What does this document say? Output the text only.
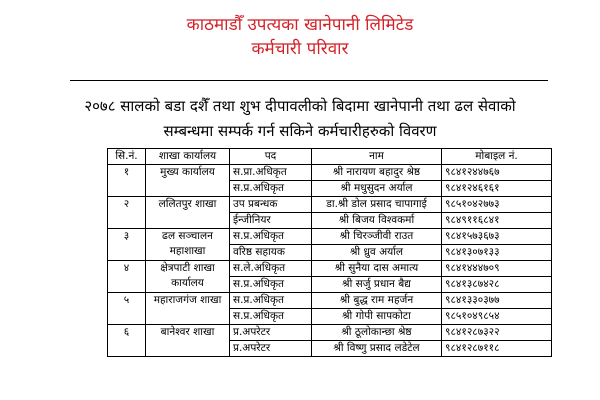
काठमाडौँ उपत्यका खानेपानी लिमिटेड
कर्मचारी परिवार
२०७८ सालको बडा दशैँ तथा शुभ दीपावलीको बिदामा खानेपानी तथा ढल सेवाको
सम्बन्धमा सम्पर्क गर्न सकिने कर्मचारीहरुको विवरण
सि.नं.	शाखा कार्यालय	पद	नाम	मोबाइल नं.
१	मुख्य कार्यालय	स.प्रा.अधिकृत	श्री नारायण बहादुर श्रेष्ठ	९८४१२४४७६७
		स.प्र.अधिकृत	श्री मधुसुदन अर्याल	९८४१२४६१६१
२	ललितपुर शाखा	उप प्रबन्धक	डा.श्री डोल प्रसाद चापागाई	९८५१०४२७७३
		ईन्जीनियर	श्री बिजय विश्वकर्मा	९८४९११६८४१
३	ढल सञ्चालन महाशाखा	स.प्र.अधिकृत	श्री चिरञ्जीवी राउत	९८४१५७३६७३
		वरिष्ठ सहायक	श्री ध्रुव अर्याल	९८४१३०७१३३
४	क्षेत्रपाटी शाखा कार्यालय	स.ले.अधिकृत	श्री सुनैया दास अमात्य	९८४१४४४७०९
		स.प्र.अधिकृत	श्री सर्जु प्रधान बैद्य	९८४१३८७४२८
५	महाराजगंज शाखा	स.प्र.अधिकृत	श्री बुद्ध राम महर्जन	९८४१३३०३७७
		स.प्र.अधिकृत	श्री गोपी सापकोटा	९८५१०४९८५४
६	बानेश्वर शाखा	प्र.अपरेटर	श्री ठूलोकान्छा श्रेष्ठ	९८४१२८७३२२
		प्र.अपरेटर	श्री विष्णु प्रसाद लडेटेल	९८४१२८७११८
